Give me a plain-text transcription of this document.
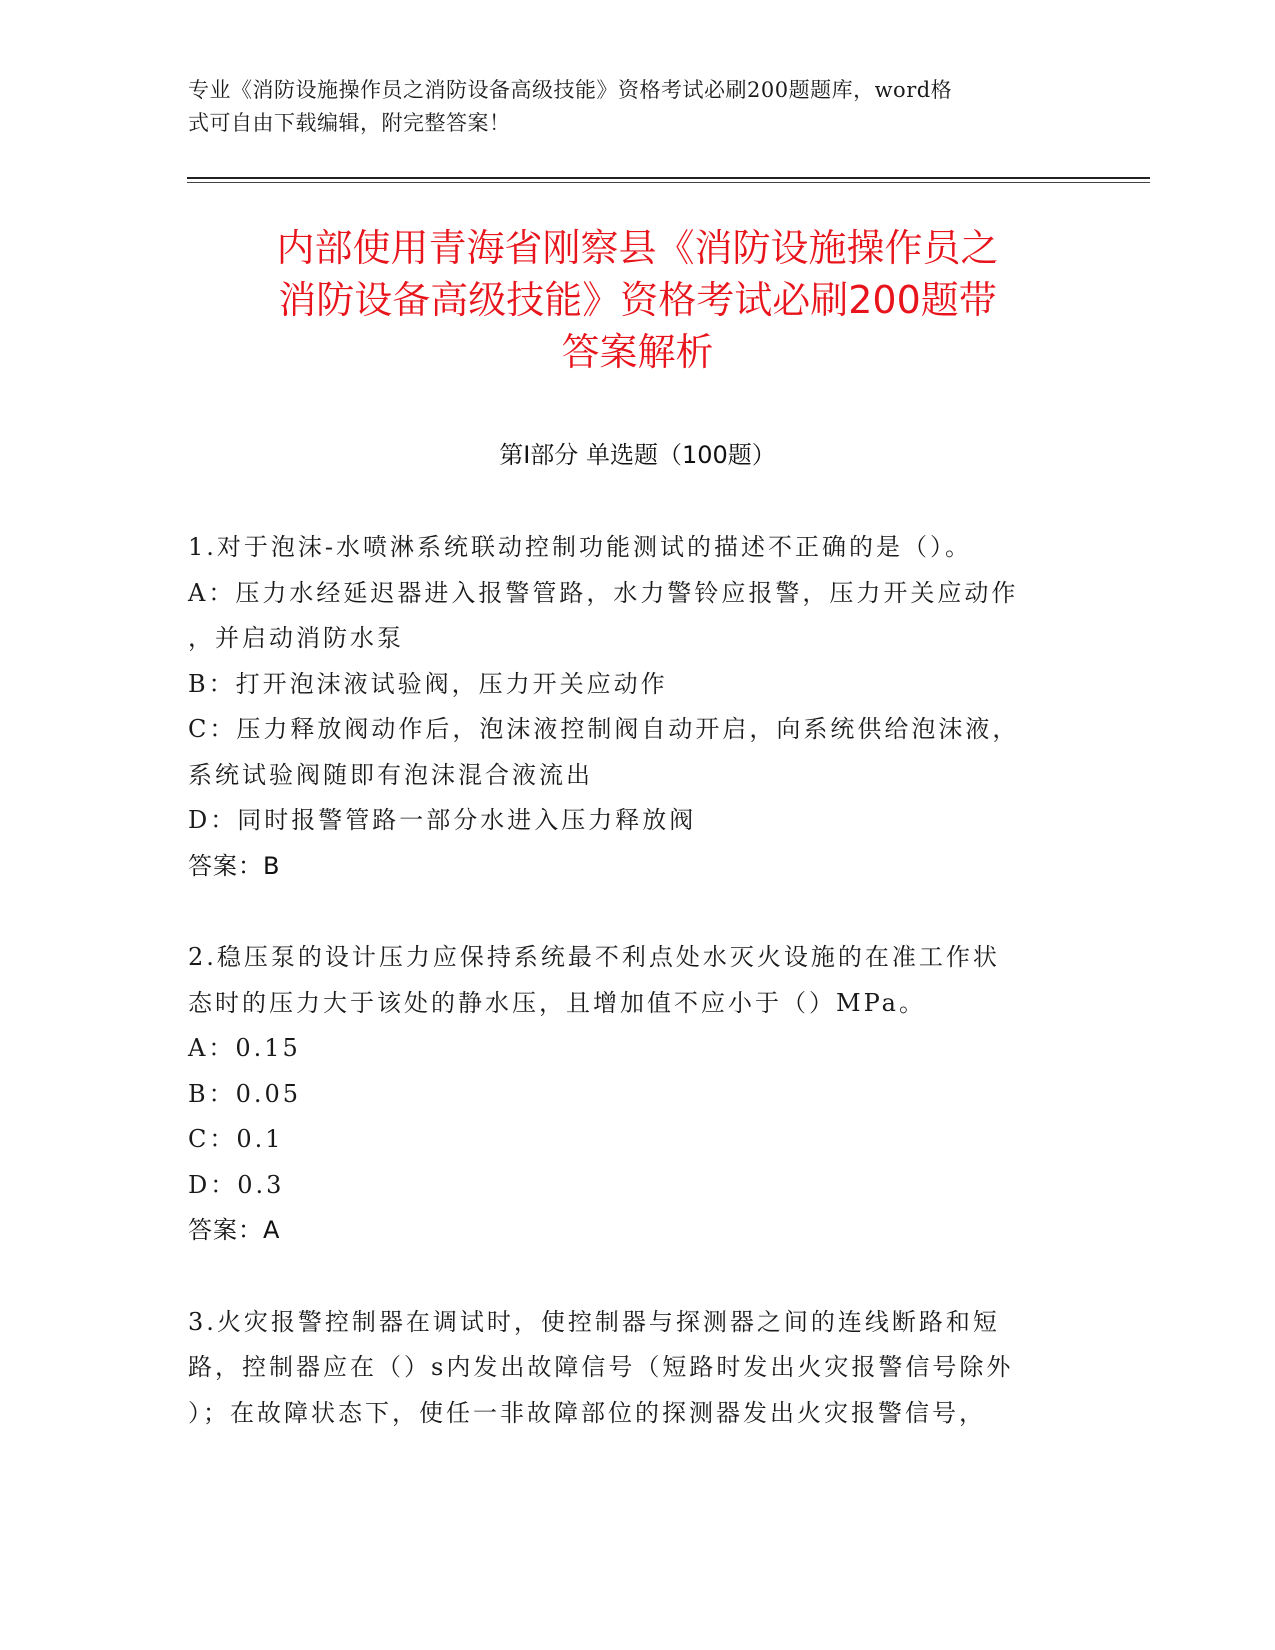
专业《消防设施操作员之消防设备高级技能》资格考试必刷200题题库，word格
式可自由下载编辑，附完整答案！
内部使用青海省刚察县《消防设施操作员之
消防设备高级技能》资格考试必刷200题带
答案解析
第Ⅰ部分 单选题（100题）
1.对于泡沫-水喷淋系统联动控制功能测试的描述不正确的是（）。
A：压力水经延迟器进入报警管路，水力警铃应报警，压力开关应动作
，并启动消防水泵
B：打开泡沫液试验阀，压力开关应动作
C：压力释放阀动作后，泡沫液控制阀自动开启，向系统供给泡沫液，
系统试验阀随即有泡沫混合液流出
D：同时报警管路一部分水进入压力释放阀
答案：B
2.稳压泵的设计压力应保持系统最不利点处水灭火设施的在准工作状
态时的压力大于该处的静水压，且增加值不应小于（）MPa。
A：0.15
B：0.05
C：0.1
D：0.3
答案：A
3.火灾报警控制器在调试时，使控制器与探测器之间的连线断路和短
路，控制器应在（）s内发出故障信号（短路时发出火灾报警信号除外
）；在故障状态下，使任一非故障部位的探测器发出火灾报警信号，
